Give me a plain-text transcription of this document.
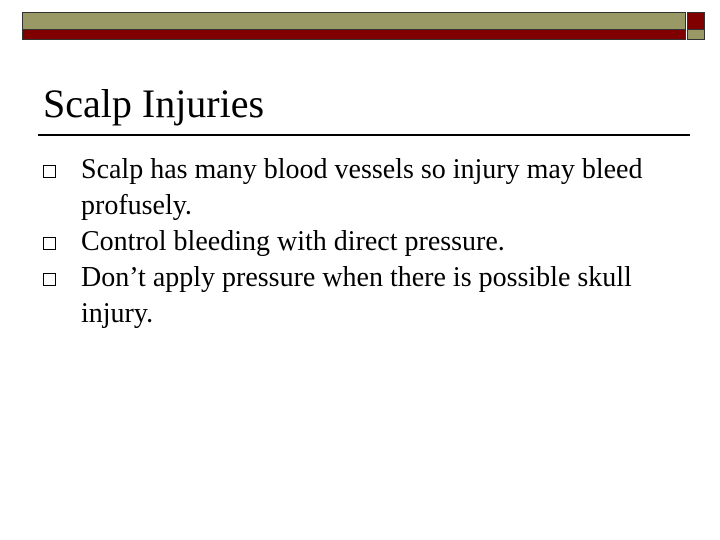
Scalp Injuries
Scalp has many blood vessels so injury may bleed profusely.
Control bleeding with direct pressure.
Don’t apply pressure when there is possible skull injury.
